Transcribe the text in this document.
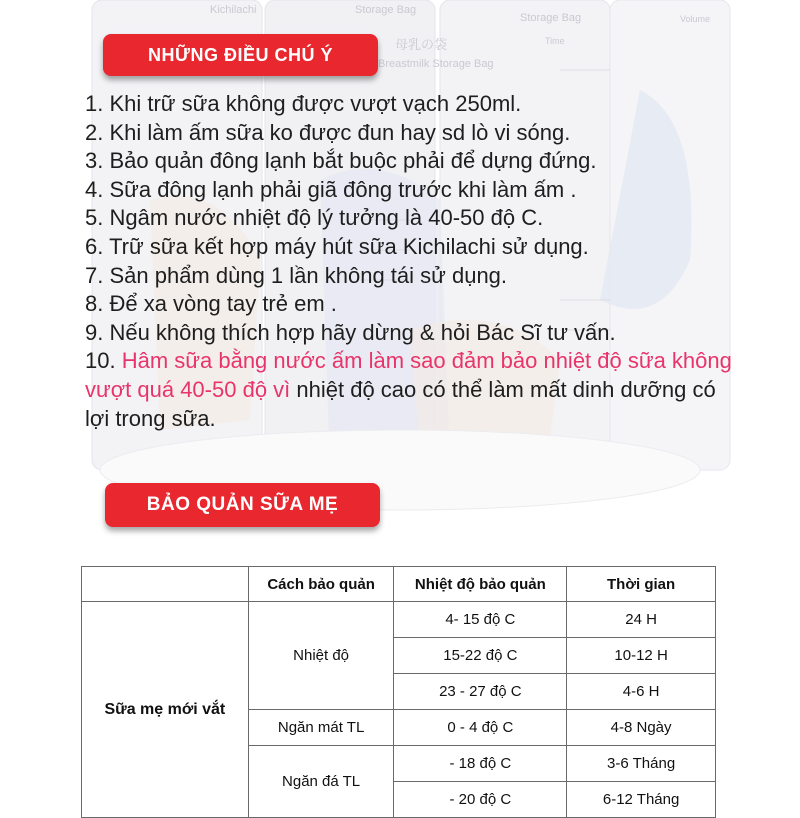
Kichilachi	Storage Bag
Storage Bag
母乳の袋
Breastmilk Storage Bag
Volume
Time
NHỮNG ĐIỀU CHÚ Ý
1. Khi trữ sữa không được vượt vạch 250ml.
2. Khi làm ấm sữa ko được đun hay sd lò vi sóng.
3. Bảo quản đông lạnh bắt buộc phải để dựng đứng.
4. Sữa đông lạnh phải giã đông trước khi làm ấm .
5. Ngâm nước nhiệt độ lý tưởng là 40-50 độ C.
6. Trữ sữa kết hợp máy hút sữa Kichilachi sử dụng.
7. Sản phẩm dùng 1 lần không tái sử dụng.
8. Để xa vòng tay trẻ em .
9. Nếu không thích hợp hãy dừng & hỏi Bác Sĩ tư vấn.
10. Hâm sữa bằng nước ấm làm sao đảm bảo nhiệt độ sữa không vượt quá 40-50 độ vì nhiệt độ cao có thể làm mất dinh dưỡng có lợi trong sữa.
BẢO QUẢN SỮA MẸ
	Cách bảo quản	Nhiệt độ bảo quản	Thời gian
Sữa mẹ mới vắt	Nhiệt độ	4- 15 độ C	24 H
		15-22 độ C	10-12 H
		23 - 27 độ C	4-6 H
	Ngăn mát TL	0 - 4 độ C	4-8 Ngày
	Ngăn đá TL	- 18 độ C	3-6 Tháng
		- 20 độ C	6-12 Tháng
